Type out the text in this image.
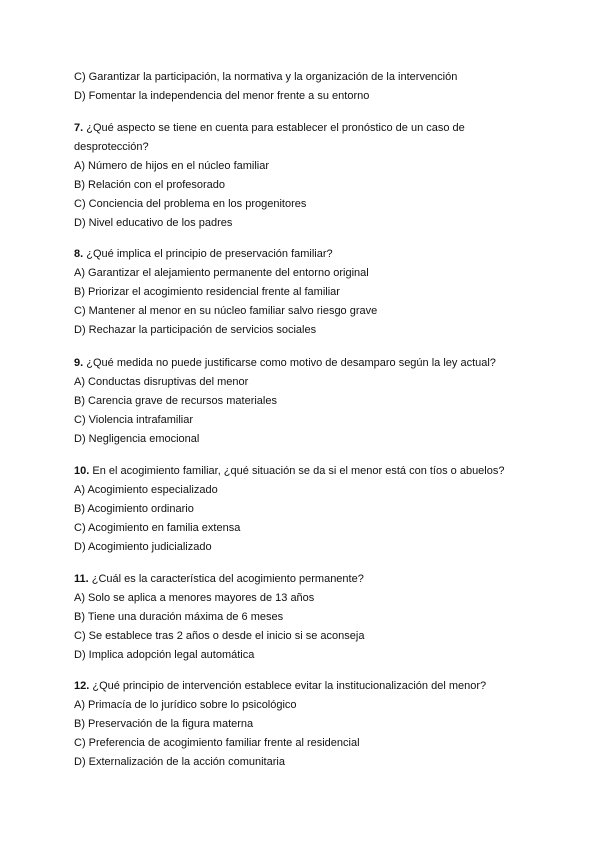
C) Garantizar la participación, la normativa y la organización de la intervención
D) Fomentar la independencia del menor frente a su entorno
7. ¿Qué aspecto se tiene en cuenta para establecer el pronóstico de un caso de desprotección?
A) Número de hijos en el núcleo familiar
B) Relación con el profesorado
C) Conciencia del problema en los progenitores
D) Nivel educativo de los padres
8. ¿Qué implica el principio de preservación familiar?
A) Garantizar el alejamiento permanente del entorno original
B) Priorizar el acogimiento residencial frente al familiar
C) Mantener al menor en su núcleo familiar salvo riesgo grave
D) Rechazar la participación de servicios sociales
9. ¿Qué medida no puede justificarse como motivo de desamparo según la ley actual?
A) Conductas disruptivas del menor
B) Carencia grave de recursos materiales
C) Violencia intrafamiliar
D) Negligencia emocional
10. En el acogimiento familiar, ¿qué situación se da si el menor está con tíos o abuelos?
A) Acogimiento especializado
B) Acogimiento ordinario
C) Acogimiento en familia extensa
D) Acogimiento judicializado
11. ¿Cuál es la característica del acogimiento permanente?
A) Solo se aplica a menores mayores de 13 años
B) Tiene una duración máxima de 6 meses
C) Se establece tras 2 años o desde el inicio si se aconseja
D) Implica adopción legal automática
12. ¿Qué principio de intervención establece evitar la institucionalización del menor?
A) Primacía de lo jurídico sobre lo psicológico
B) Preservación de la figura materna
C) Preferencia de acogimiento familiar frente al residencial
D) Externalización de la acción comunitaria
